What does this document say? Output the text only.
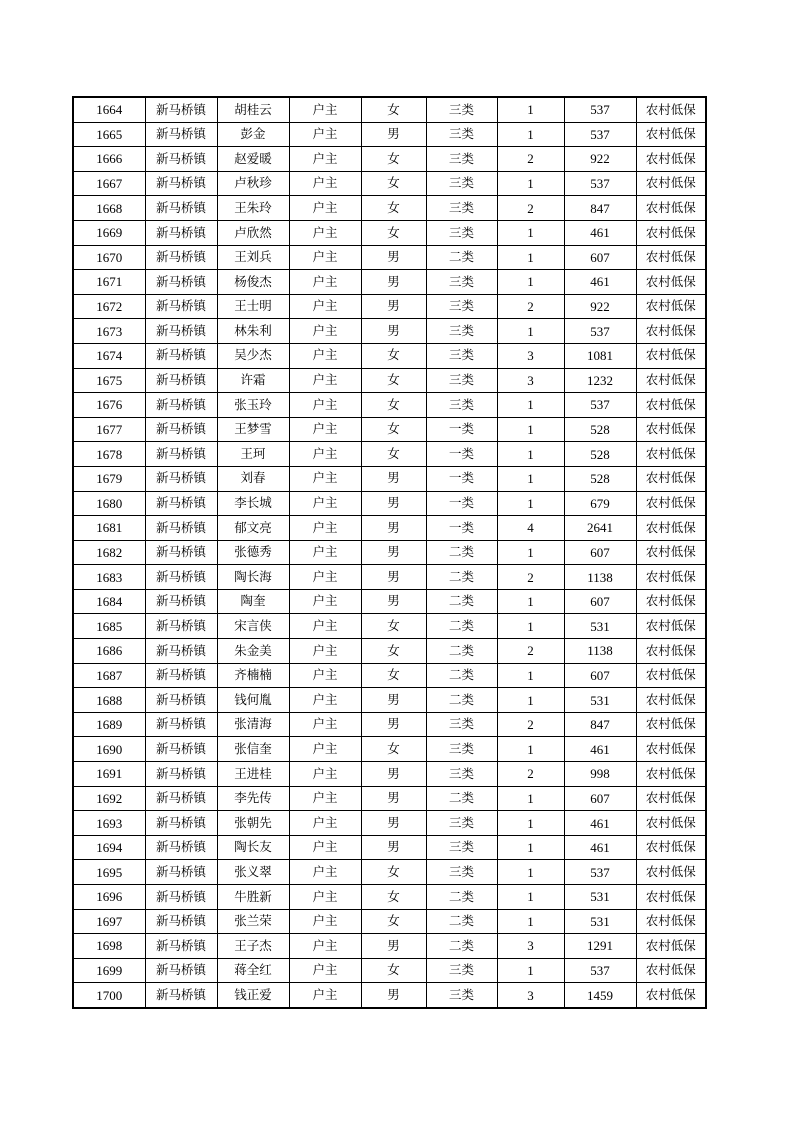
1664	新马桥镇	胡桂云	户主	女	三类	1	537	农村低保
1665	新马桥镇	彭金	户主	男	三类	1	537	农村低保
1666	新马桥镇	赵爱暖	户主	女	三类	2	922	农村低保
1667	新马桥镇	卢秋珍	户主	女	三类	1	537	农村低保
1668	新马桥镇	王朱玲	户主	女	三类	2	847	农村低保
1669	新马桥镇	卢欣然	户主	女	三类	1	461	农村低保
1670	新马桥镇	王刘兵	户主	男	二类	1	607	农村低保
1671	新马桥镇	杨俊杰	户主	男	三类	1	461	农村低保
1672	新马桥镇	王士明	户主	男	三类	2	922	农村低保
1673	新马桥镇	林朱利	户主	男	三类	1	537	农村低保
1674	新马桥镇	吴少杰	户主	女	三类	3	1081	农村低保
1675	新马桥镇	许霜	户主	女	三类	3	1232	农村低保
1676	新马桥镇	张玉玲	户主	女	三类	1	537	农村低保
1677	新马桥镇	王梦雪	户主	女	一类	1	528	农村低保
1678	新马桥镇	王珂	户主	女	一类	1	528	农村低保
1679	新马桥镇	刘春	户主	男	一类	1	528	农村低保
1680	新马桥镇	李长城	户主	男	一类	1	679	农村低保
1681	新马桥镇	郁文亮	户主	男	一类	4	2641	农村低保
1682	新马桥镇	张德秀	户主	男	二类	1	607	农村低保
1683	新马桥镇	陶长海	户主	男	二类	2	1138	农村低保
1684	新马桥镇	陶奎	户主	男	二类	1	607	农村低保
1685	新马桥镇	宋言侠	户主	女	二类	1	531	农村低保
1686	新马桥镇	朱金美	户主	女	二类	2	1138	农村低保
1687	新马桥镇	齐楠楠	户主	女	二类	1	607	农村低保
1688	新马桥镇	钱何胤	户主	男	二类	1	531	农村低保
1689	新马桥镇	张清海	户主	男	三类	2	847	农村低保
1690	新马桥镇	张信奎	户主	女	三类	1	461	农村低保
1691	新马桥镇	王进桂	户主	男	三类	2	998	农村低保
1692	新马桥镇	李先传	户主	男	二类	1	607	农村低保
1693	新马桥镇	张朝先	户主	男	三类	1	461	农村低保
1694	新马桥镇	陶长友	户主	男	三类	1	461	农村低保
1695	新马桥镇	张义翠	户主	女	三类	1	537	农村低保
1696	新马桥镇	牛胜新	户主	女	二类	1	531	农村低保
1697	新马桥镇	张兰荣	户主	女	二类	1	531	农村低保
1698	新马桥镇	王子杰	户主	男	二类	3	1291	农村低保
1699	新马桥镇	蒋全红	户主	女	三类	1	537	农村低保
1700	新马桥镇	钱正爱	户主	男	三类	3	1459	农村低保
